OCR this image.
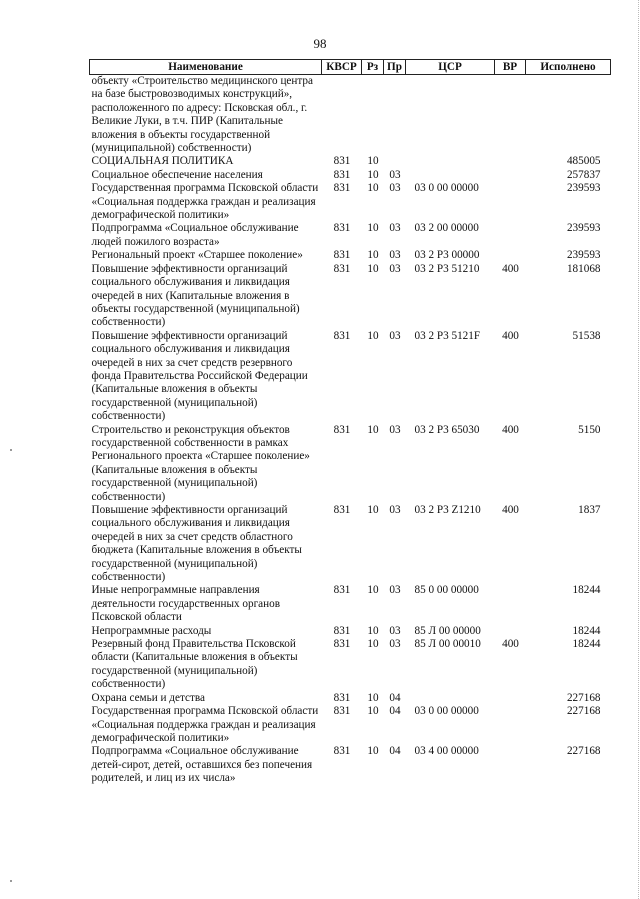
98
Наименование	КВСР	Рз	Пр	ЦСР	ВР	Исполнено
объекту «Строительство медицинского центра на базе быстровозводимых конструкций», расположенного по адресу: Псковская обл., г. Великие Луки, в т.ч. ПИР (Капитальные вложения в объекты государственной (муниципальной) собственности)						
СОЦИАЛЬНАЯ ПОЛИТИКА	831	10				485005
Социальное обеспечение населения	831	10	03			257837
Государственная программа Псковской области «Социальная поддержка граждан и реализация демографической политики»	831	10	03	03 0 00 00000		239593
Подпрограмма «Социальное обслуживание людей пожилого возраста»	831	10	03	03 2 00 00000		239593
Региональный проект «Старшее поколение»	831	10	03	03 2 P3 00000		239593
Повышение эффективности организаций социального обслуживания и ликвидация очередей в них (Капитальные вложения в объекты государственной (муниципальной) собственности)	831	10	03	03 2 P3 51210	400	181068
Повышение эффективности организаций социального обслуживания и ликвидация очередей в них за счет средств резервного фонда Правительства Российской Федерации (Капитальные вложения в объекты государственной (муниципальной) собственности)	831	10	03	03 2 P3 5121F	400	51538
Строительство и реконструкция объектов государственной собственности в рамках Регионального проекта «Старшее поколение» (Капитальные вложения в объекты государственной (муниципальной) собственности)	831	10	03	03 2 P3 65030	400	5150
Повышение эффективности организаций социального обслуживания и ликвидация очередей в них за счет средств областного бюджета (Капитальные вложения в объекты государственной (муниципальной) собственности)	831	10	03	03 2 P3 Z1210	400	1837
Иные непрограммные направления деятельности государственных органов Псковской области	831	10	03	85 0 00 00000		18244
Непрограммные расходы	831	10	03	85 Л 00 00000		18244
Резервный фонд Правительства Псковской области (Капитальные вложения в объекты государственной (муниципальной) собственности)	831	10	03	85 Л 00 00010	400	18244
Охрана семьи и детства	831	10	04			227168
Государственная программа Псковской области «Социальная поддержка граждан и реализация демографической политики»	831	10	04	03 0 00 00000		227168
Подпрограмма «Социальное обслуживание детей-сирот, детей, оставшихся без попечения родителей, и лиц из их числа»	831	10	04	03 4 00 00000		227168
